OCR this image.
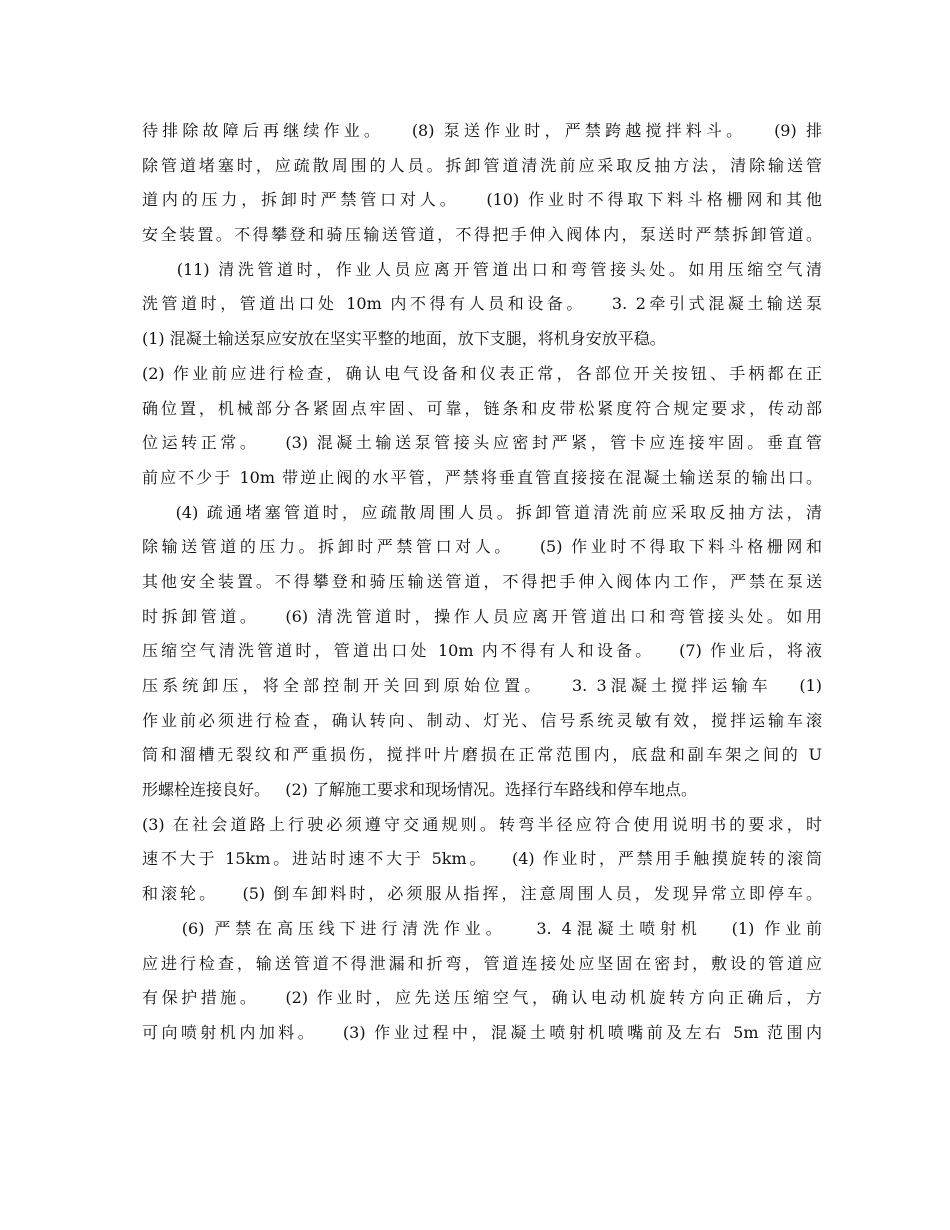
待排除故障后再继续作业。   (8) 泵送作业时，严禁跨越搅拌料斗。   (9) 排
除管道堵塞时，应疏散周围的人员。拆卸管道清洗前应采取反抽方法，清除输送管
道内的压力，拆卸时严禁管口对人。   (10) 作业时不得取下料斗格栅网和其他
安全装置。不得攀登和骑压输送管道，不得把手伸入阀体内，泵送时严禁拆卸管道。
(11) 清洗管道时，作业人员应离开管道出口和弯管接头处。如用压缩空气清
洗管道时，管道出口处 10m 内不得有人员和设备。   3. 2牵引式混凝土输送泵
(1) 混凝土输送泵应安放在坚实平整的地面，放下支腿，将机身安放平稳。
(2) 作业前应进行检查，确认电气设备和仪表正常，各部位开关按钮、手柄都在正
确位置，机械部分各紧固点牢固、可靠，链条和皮带松紧度符合规定要求，传动部
位运转正常。   (3) 混凝土输送泵管接头应密封严紧，管卡应连接牢固。垂直管
前应不少于 10m 带逆止阀的水平管，严禁将垂直管直接接在混凝土输送泵的输出口。
(4) 疏通堵塞管道时，应疏散周围人员。拆卸管道清洗前应采取反抽方法，清
除输送管道的压力。拆卸时严禁管口对人。   (5) 作业时不得取下料斗格栅网和
其他安全装置。不得攀登和骑压输送管道，不得把手伸入阀体内工作，严禁在泵送
时拆卸管道。   (6) 清洗管道时，操作人员应离开管道出口和弯管接头处。如用
压缩空气清洗管道时，管道出口处 10m 内不得有人和设备。   (7) 作业后，将液
压系统卸压，将全部控制开关回到原始位置。   3. 3混凝土搅拌运输车   (1)
作业前必须进行检查，确认转向、制动、灯光、信号系统灵敏有效，搅拌运输车滚
筒和溜槽无裂纹和严重损伤，搅拌叶片磨损在正常范围内，底盘和副车架之间的 U
形螺栓连接良好。   (2) 了解施工要求和现场情况。选择行车路线和停车地点。
(3) 在社会道路上行驶必须遵守交通规则。转弯半径应符合使用说明书的要求，时
速不大于 15km。进站时速不大于 5km。   (4) 作业时，严禁用手触摸旋转的滚筒
和滚轮。   (5) 倒车卸料时，必须服从指挥，注意周围人员，发现异常立即停车。
(6) 严禁在高压线下进行清洗作业。   3. 4混凝土喷射机   (1) 作业前
应进行检查，输送管道不得泄漏和折弯，管道连接处应坚固在密封，敷设的管道应
有保护措施。   (2) 作业时，应先送压缩空气，确认电动机旋转方向正确后，方
可向喷射机内加料。   (3) 作业过程中，混凝土喷射机喷嘴前及左右 5m 范围内
